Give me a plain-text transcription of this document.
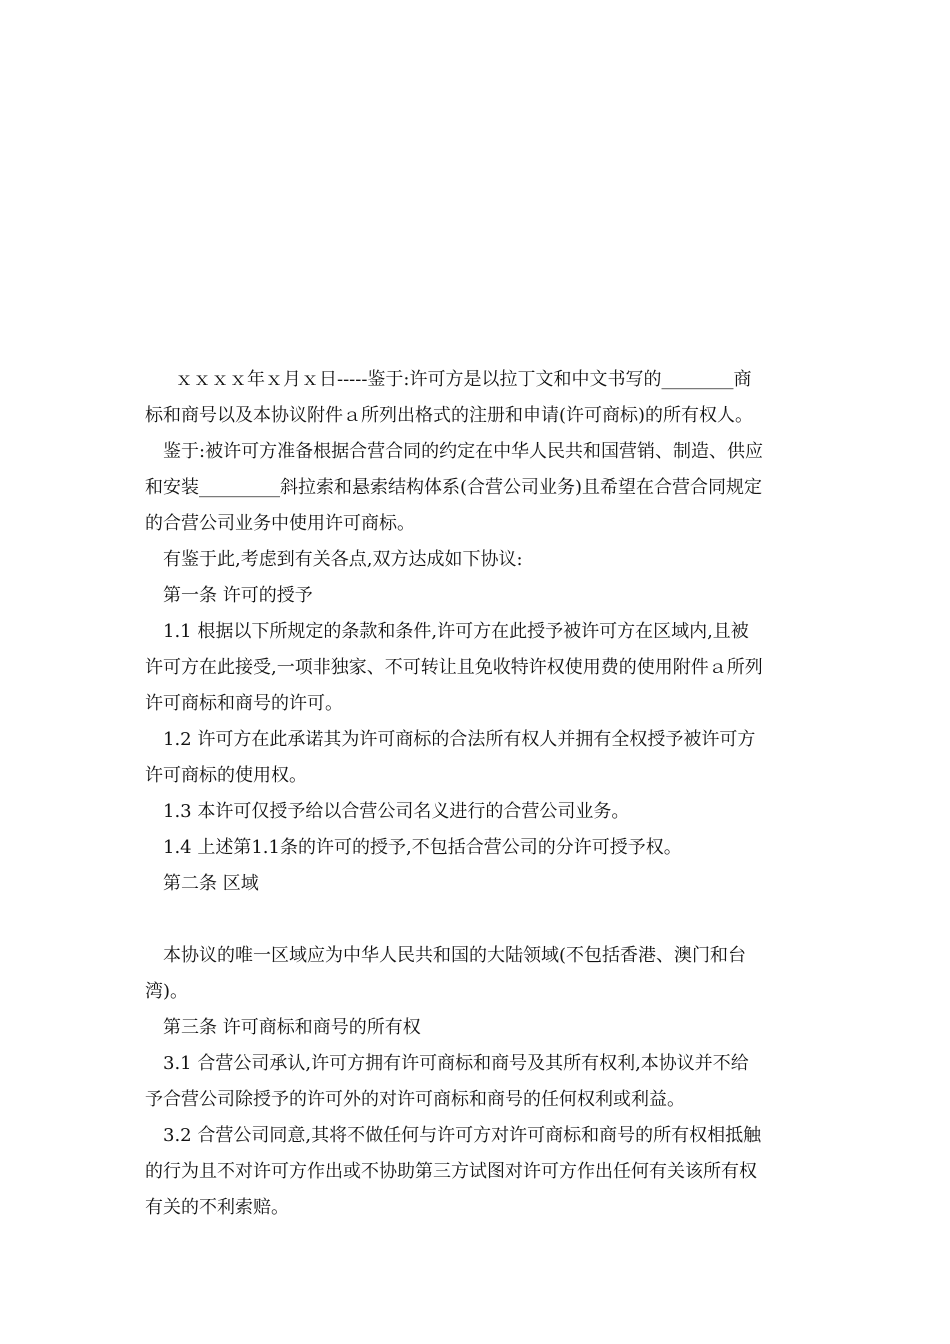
ｘｘｘｘ年ｘ月ｘ日-----鉴于:许可方是以拉丁文和中文书写的________商
标和商号以及本协议附件ａ所列出格式的注册和申请(许可商标)的所有权人。
鉴于:被许可方准备根据合营合同的约定在中华人民共和国营销、制造、供应
和安装_________斜拉索和悬索结构体系(合营公司业务)且希望在合营合同规定
的合营公司业务中使用许可商标。
有鉴于此,考虑到有关各点,双方达成如下协议:
第一条 许可的授予
1.1 根据以下所规定的条款和条件,许可方在此授予被许可方在区域内,且被
许可方在此接受,一项非独家、不可转让且免收特许权使用费的使用附件ａ所列
许可商标和商号的许可。
1.2 许可方在此承诺其为许可商标的合法所有权人并拥有全权授予被许可方
许可商标的使用权。
1.3 本许可仅授予给以合营公司名义进行的合营公司业务。
1.4 上述第1.1条的许可的授予,不包括合营公司的分许可授予权。
第二条 区域
本协议的唯一区域应为中华人民共和国的大陆领域(不包括香港、澳门和台
湾)。
第三条 许可商标和商号的所有权
3.1 合营公司承认,许可方拥有许可商标和商号及其所有权利,本协议并不给
予合营公司除授予的许可外的对许可商标和商号的任何权利或利益。
3.2 合营公司同意,其将不做任何与许可方对许可商标和商号的所有权相抵触
的行为且不对许可方作出或不协助第三方试图对许可方作出任何有关该所有权
有关的不利索赔。
